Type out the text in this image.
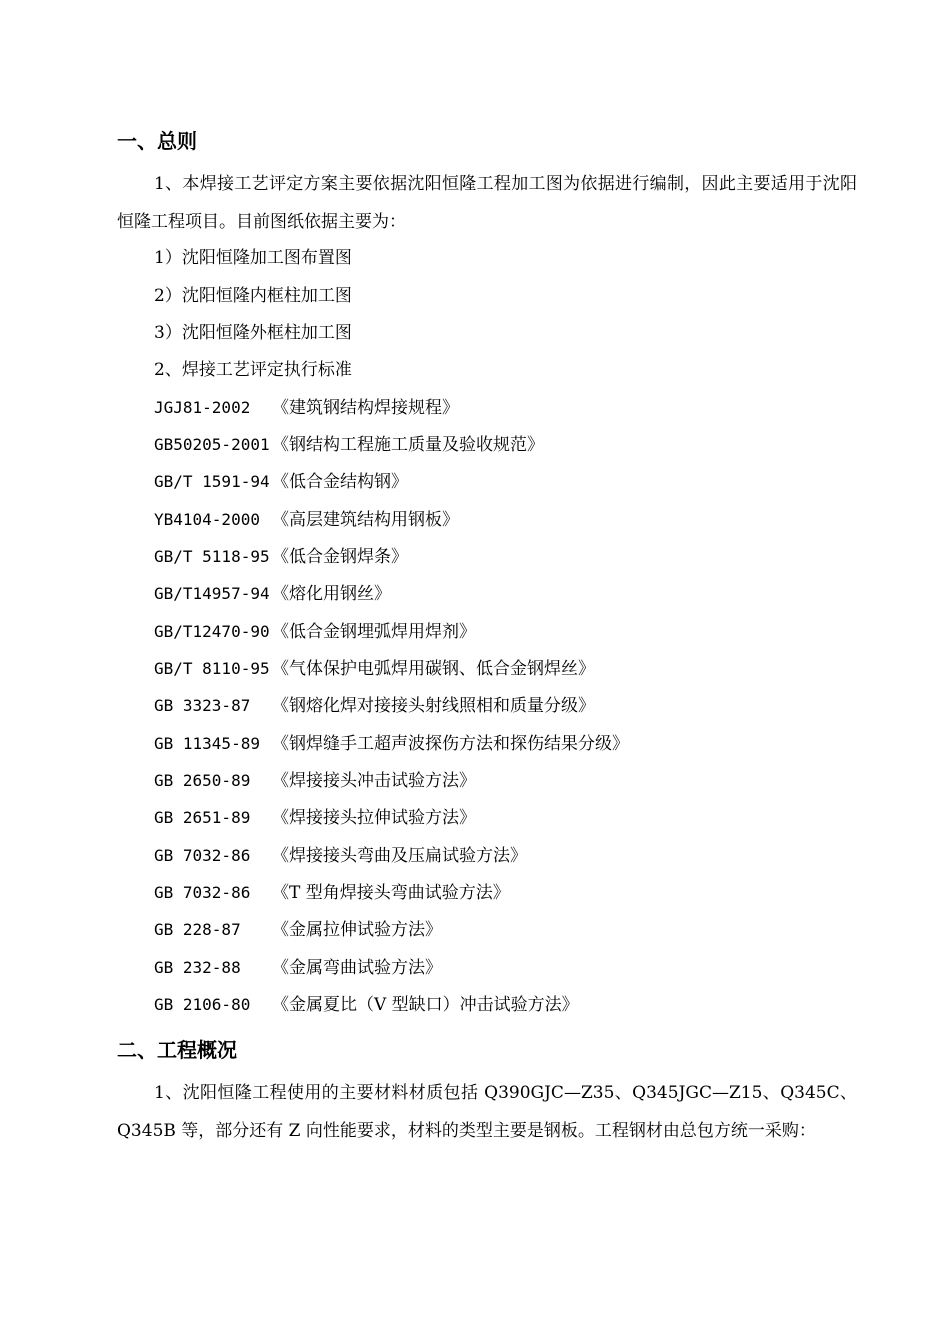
一、总则

1、本焊接工艺评定方案主要依据沈阳恒隆工程加工图为依据进行编制，因此主要适用于沈阳恒隆工程项目。目前图纸依据主要为：

1）沈阳恒隆加工图布置图
2）沈阳恒隆内框柱加工图
3）沈阳恒隆外框柱加工图
2、焊接工艺评定执行标准
JGJ81-2002 《建筑钢结构焊接规程》
GB50205-2001 《钢结构工程施工质量及验收规范》
GB/T 1591-94 《低合金结构钢》
YB4104-2000 《高层建筑结构用钢板》
GB/T 5118-95 《低合金钢焊条》
GB/T14957-94 《熔化用钢丝》
GB/T12470-90 《低合金钢埋弧焊用焊剂》
GB/T 8110-95 《气体保护电弧焊用碳钢、低合金钢焊丝》
GB 3323-87 《钢熔化焊对接接头射线照相和质量分级》
GB 11345-89 《钢焊缝手工超声波探伤方法和探伤结果分级》
GB 2650-89 《焊接接头冲击试验方法》
GB 2651-89 《焊接接头拉伸试验方法》
GB 7032-86 《焊接接头弯曲及压扁试验方法》
GB 7032-86 《T 型角焊接头弯曲试验方法》
GB 228-87 《金属拉伸试验方法》
GB 232-88 《金属弯曲试验方法》
GB 2106-80 《金属夏比（V 型缺口）冲击试验方法》
二、工程概况

1、沈阳恒隆工程使用的主要材料材质包括 Q390GJC—Z35、Q345JGC—Z15、Q345C、Q345B 等，部分还有 Z 向性能要求，材料的类型主要是钢板。工程钢材由总包方统一采购：
